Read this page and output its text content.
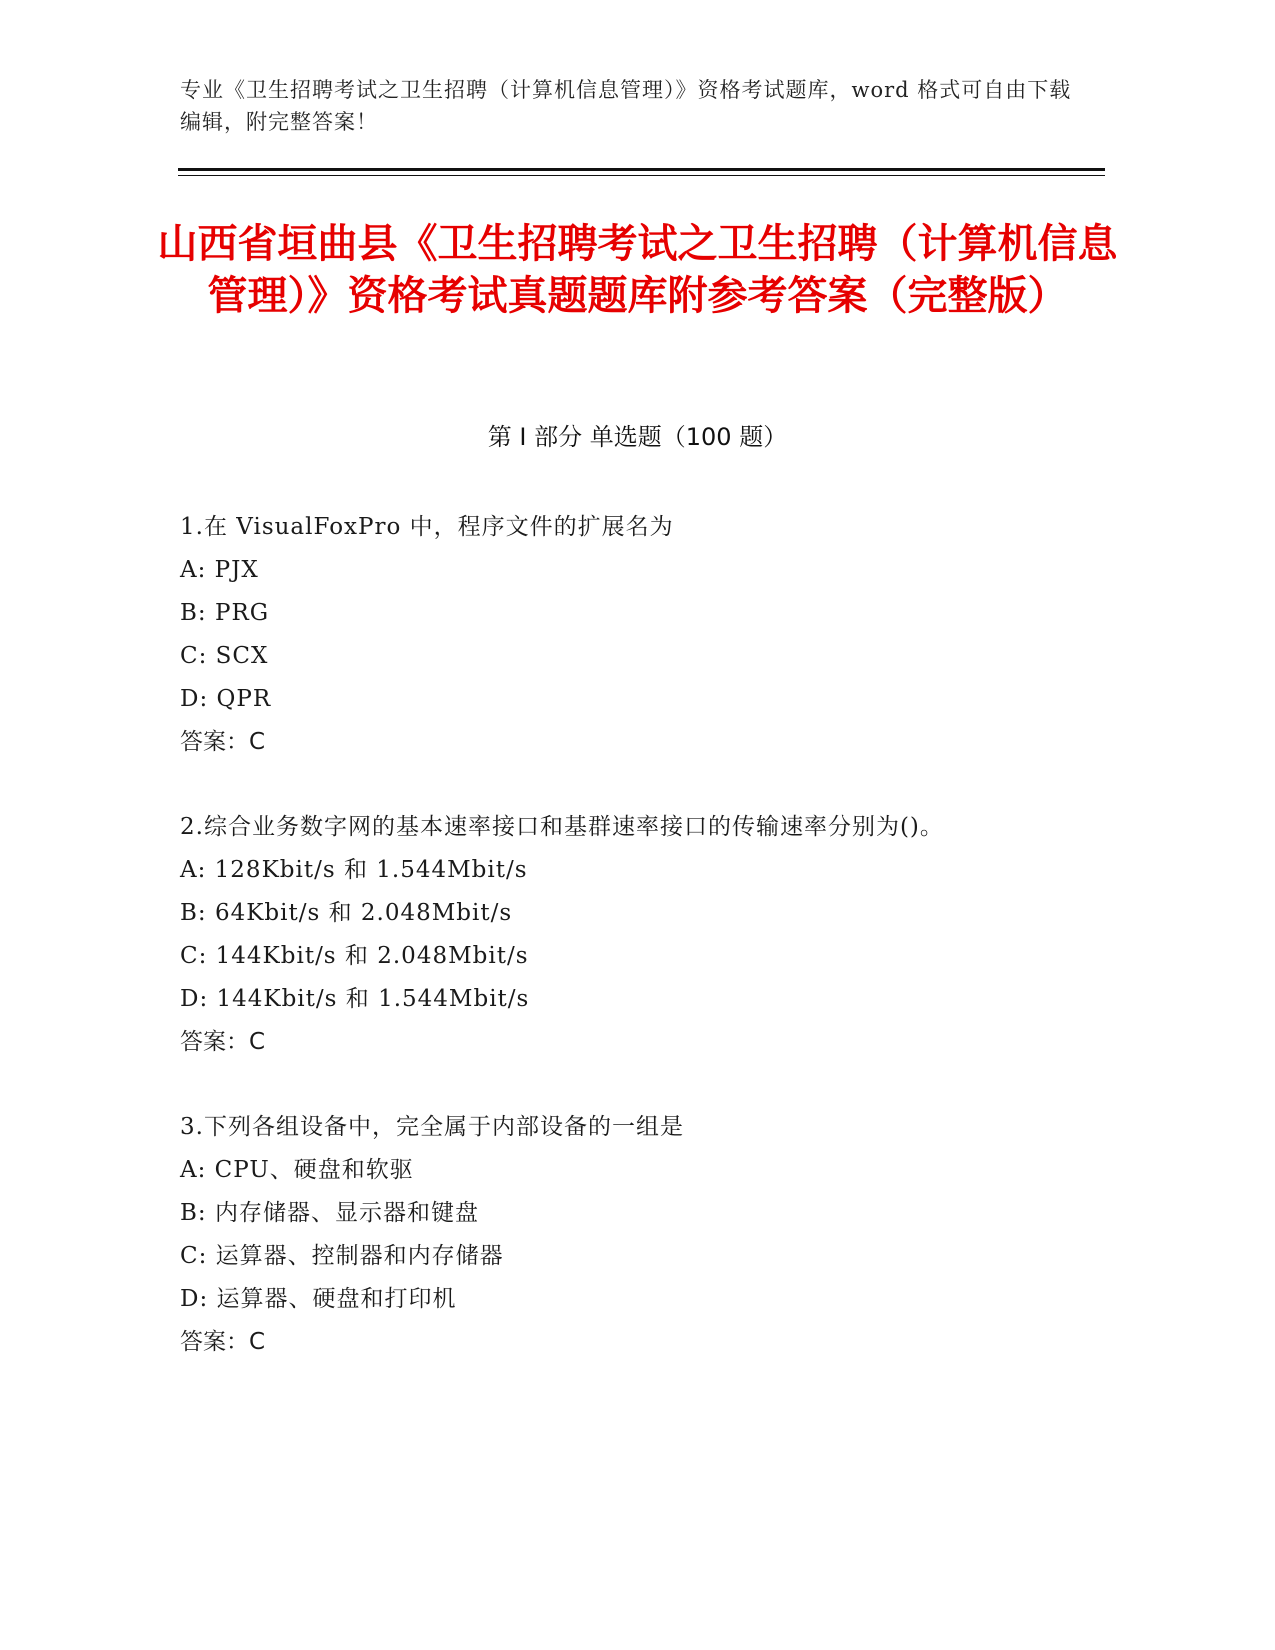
专业《卫生招聘考试之卫生招聘（计算机信息管理）》资格考试题库，word 格式可自由下载编辑，附完整答案！
山西省垣曲县《卫生招聘考试之卫生招聘（计算机信息管理）》资格考试真题题库附参考答案（完整版）
第 I 部分 单选题（100 题）
1.在 VisualFoxPro 中，程序文件的扩展名为
A: PJX
B: PRG
C: SCX
D: QPR
答案：C
2.综合业务数字网的基本速率接口和基群速率接口的传输速率分别为()。
A: 128Kbit/s 和 1.544Mbit/s
B: 64Kbit/s 和 2.048Mbit/s
C: 144Kbit/s 和 2.048Mbit/s
D: 144Kbit/s 和 1.544Mbit/s
答案：C
3.下列各组设备中，完全属于内部设备的一组是
A: CPU、硬盘和软驱
B: 内存储器、显示器和键盘
C: 运算器、控制器和内存储器
D: 运算器、硬盘和打印机
答案：C
